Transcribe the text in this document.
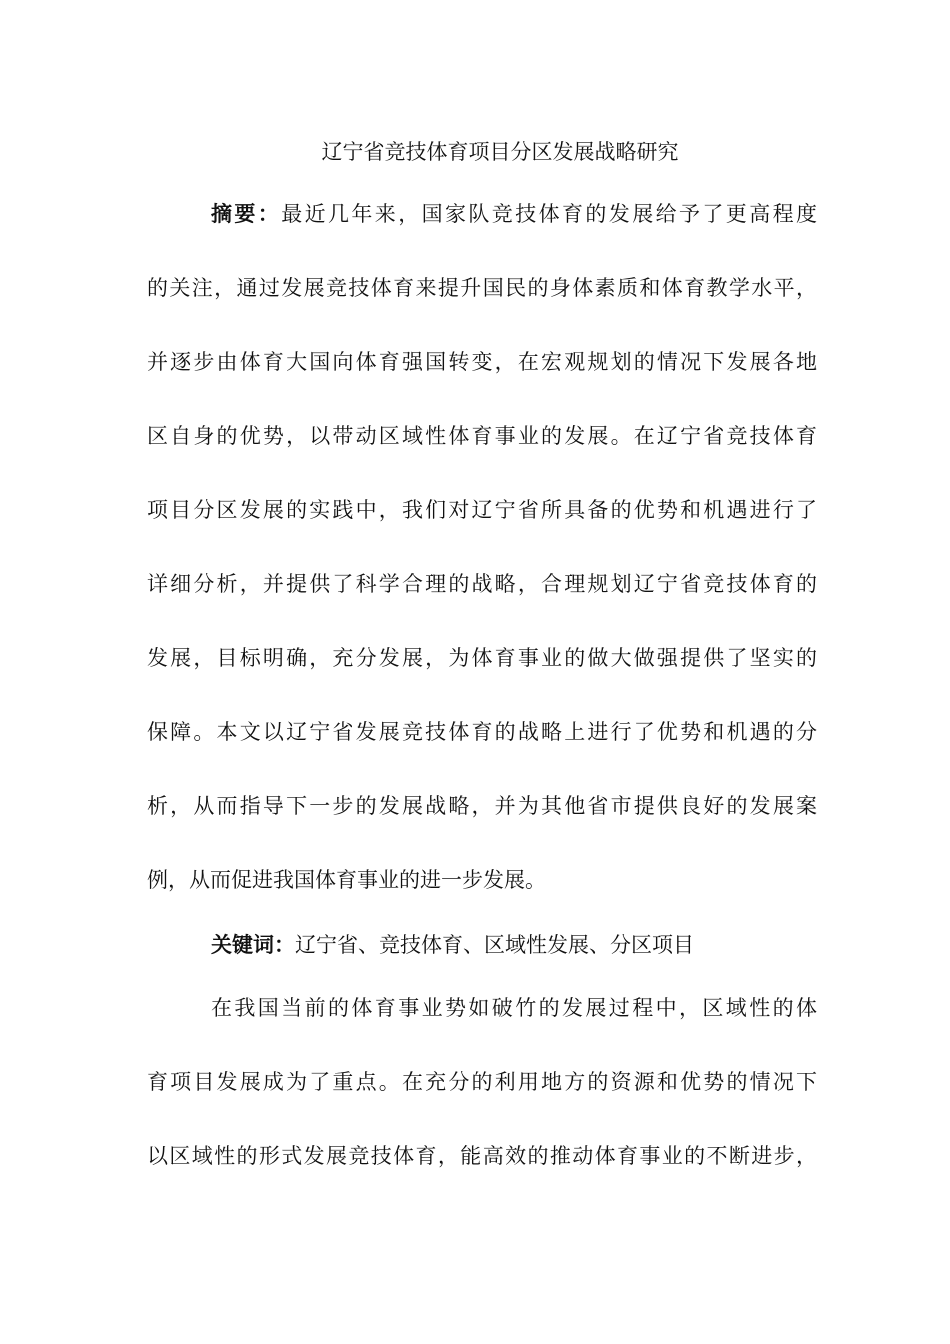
辽宁省竞技体育项目分区发展战略研究
摘要：最近几年来，国家队竞技体育的发展给予了更高程度
的关注，通过发展竞技体育来提升国民的身体素质和体育教学水平，
并逐步由体育大国向体育强国转变，在宏观规划的情况下发展各地
区自身的优势，以带动区域性体育事业的发展。在辽宁省竞技体育
项目分区发展的实践中，我们对辽宁省所具备的优势和机遇进行了
详细分析，并提供了科学合理的战略，合理规划辽宁省竞技体育的
发展，目标明确，充分发展，为体育事业的做大做强提供了坚实的
保障。本文以辽宁省发展竞技体育的战略上进行了优势和机遇的分
析，从而指导下一步的发展战略，并为其他省市提供良好的发展案
例，从而促进我国体育事业的进一步发展。
关键词：辽宁省、竞技体育、区域性发展、分区项目
在我国当前的体育事业势如破竹的发展过程中，区域性的体
育项目发展成为了重点。在充分的利用地方的资源和优势的情况下
以区域性的形式发展竞技体育，能高效的推动体育事业的不断进步，
